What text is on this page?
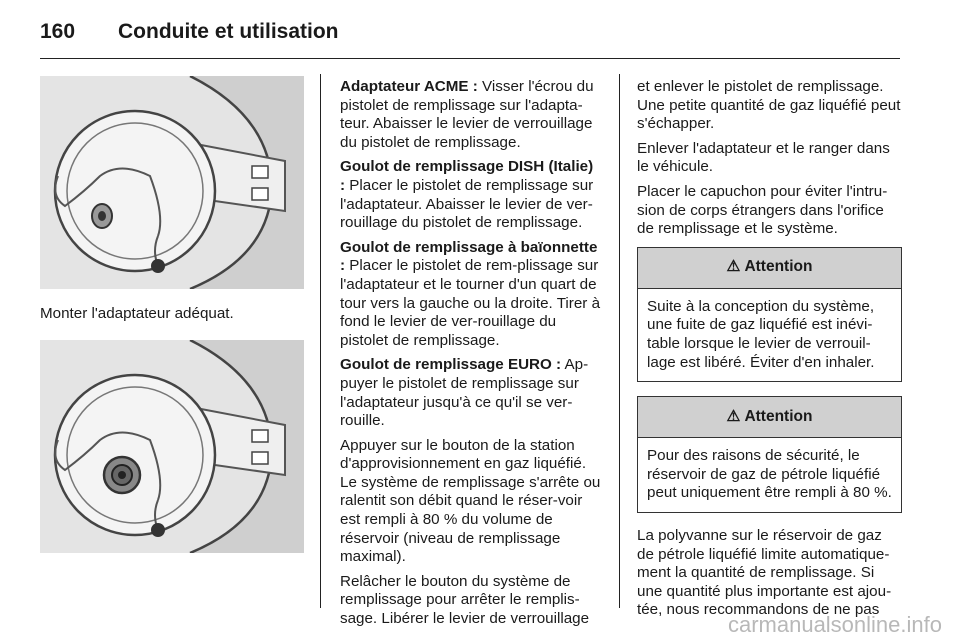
160 Conduite et utilisation
Monter l'adaptateur adéquat.

Adaptateur ACME : Visser l'écrou du pistolet de remplissage sur l'adapta-teur. Abaisser le levier de verrouillage du pistolet de remplissage.

Goulot de remplissage DISH (Italie) : Placer le pistolet de remplissage sur l'adaptateur. Abaisser le levier de ver-rouillage du pistolet de remplissage.

Goulot de remplissage à baïonnette : Placer le pistolet de rem-plissage sur l'adaptateur et le tourner d'un quart de tour vers la gauche ou la droite. Tirer à fond le levier de ver-rouillage du pistolet de remplissage.

Goulot de remplissage EURO : Ap-puyer le pistolet de remplissage sur l'adaptateur jusqu'à ce qu'il se ver-rouille.

Appuyer sur le bouton de la station d'approvisionnement en gaz liquéfié. Le système de remplissage s'arrête ou ralentit son débit quand le réser-voir est rempli à 80 % du volume de réservoir (niveau de remplissage maximal).

Relâcher le bouton du système de remplissage pour arrêter le remplis-sage. Libérer le levier de verrouillage

et enlever le pistolet de remplissage. Une petite quantité de gaz liquéfié peut s'échapper.

Enlever l'adaptateur et le ranger dans le véhicule.

Placer le capuchon pour éviter l'intru-sion de corps étrangers dans l'orifice de remplissage et le système.

⚠ Attention
Suite à la conception du système, une fuite de gaz liquéfié est inévi-table lorsque le levier de verrouil-lage est libéré. Éviter d'en inhaler.
⚠ Attention
Pour des raisons de sécurité, le réservoir de gaz de pétrole liquéfié peut uniquement être rempli à 80 %.

La polyvanne sur le réservoir de gaz de pétrole liquéfié limite automatique-ment la quantité de remplissage. Si une quantité plus importante est ajou-tée, nous recommandons de ne pas

carmanualsonline.info
